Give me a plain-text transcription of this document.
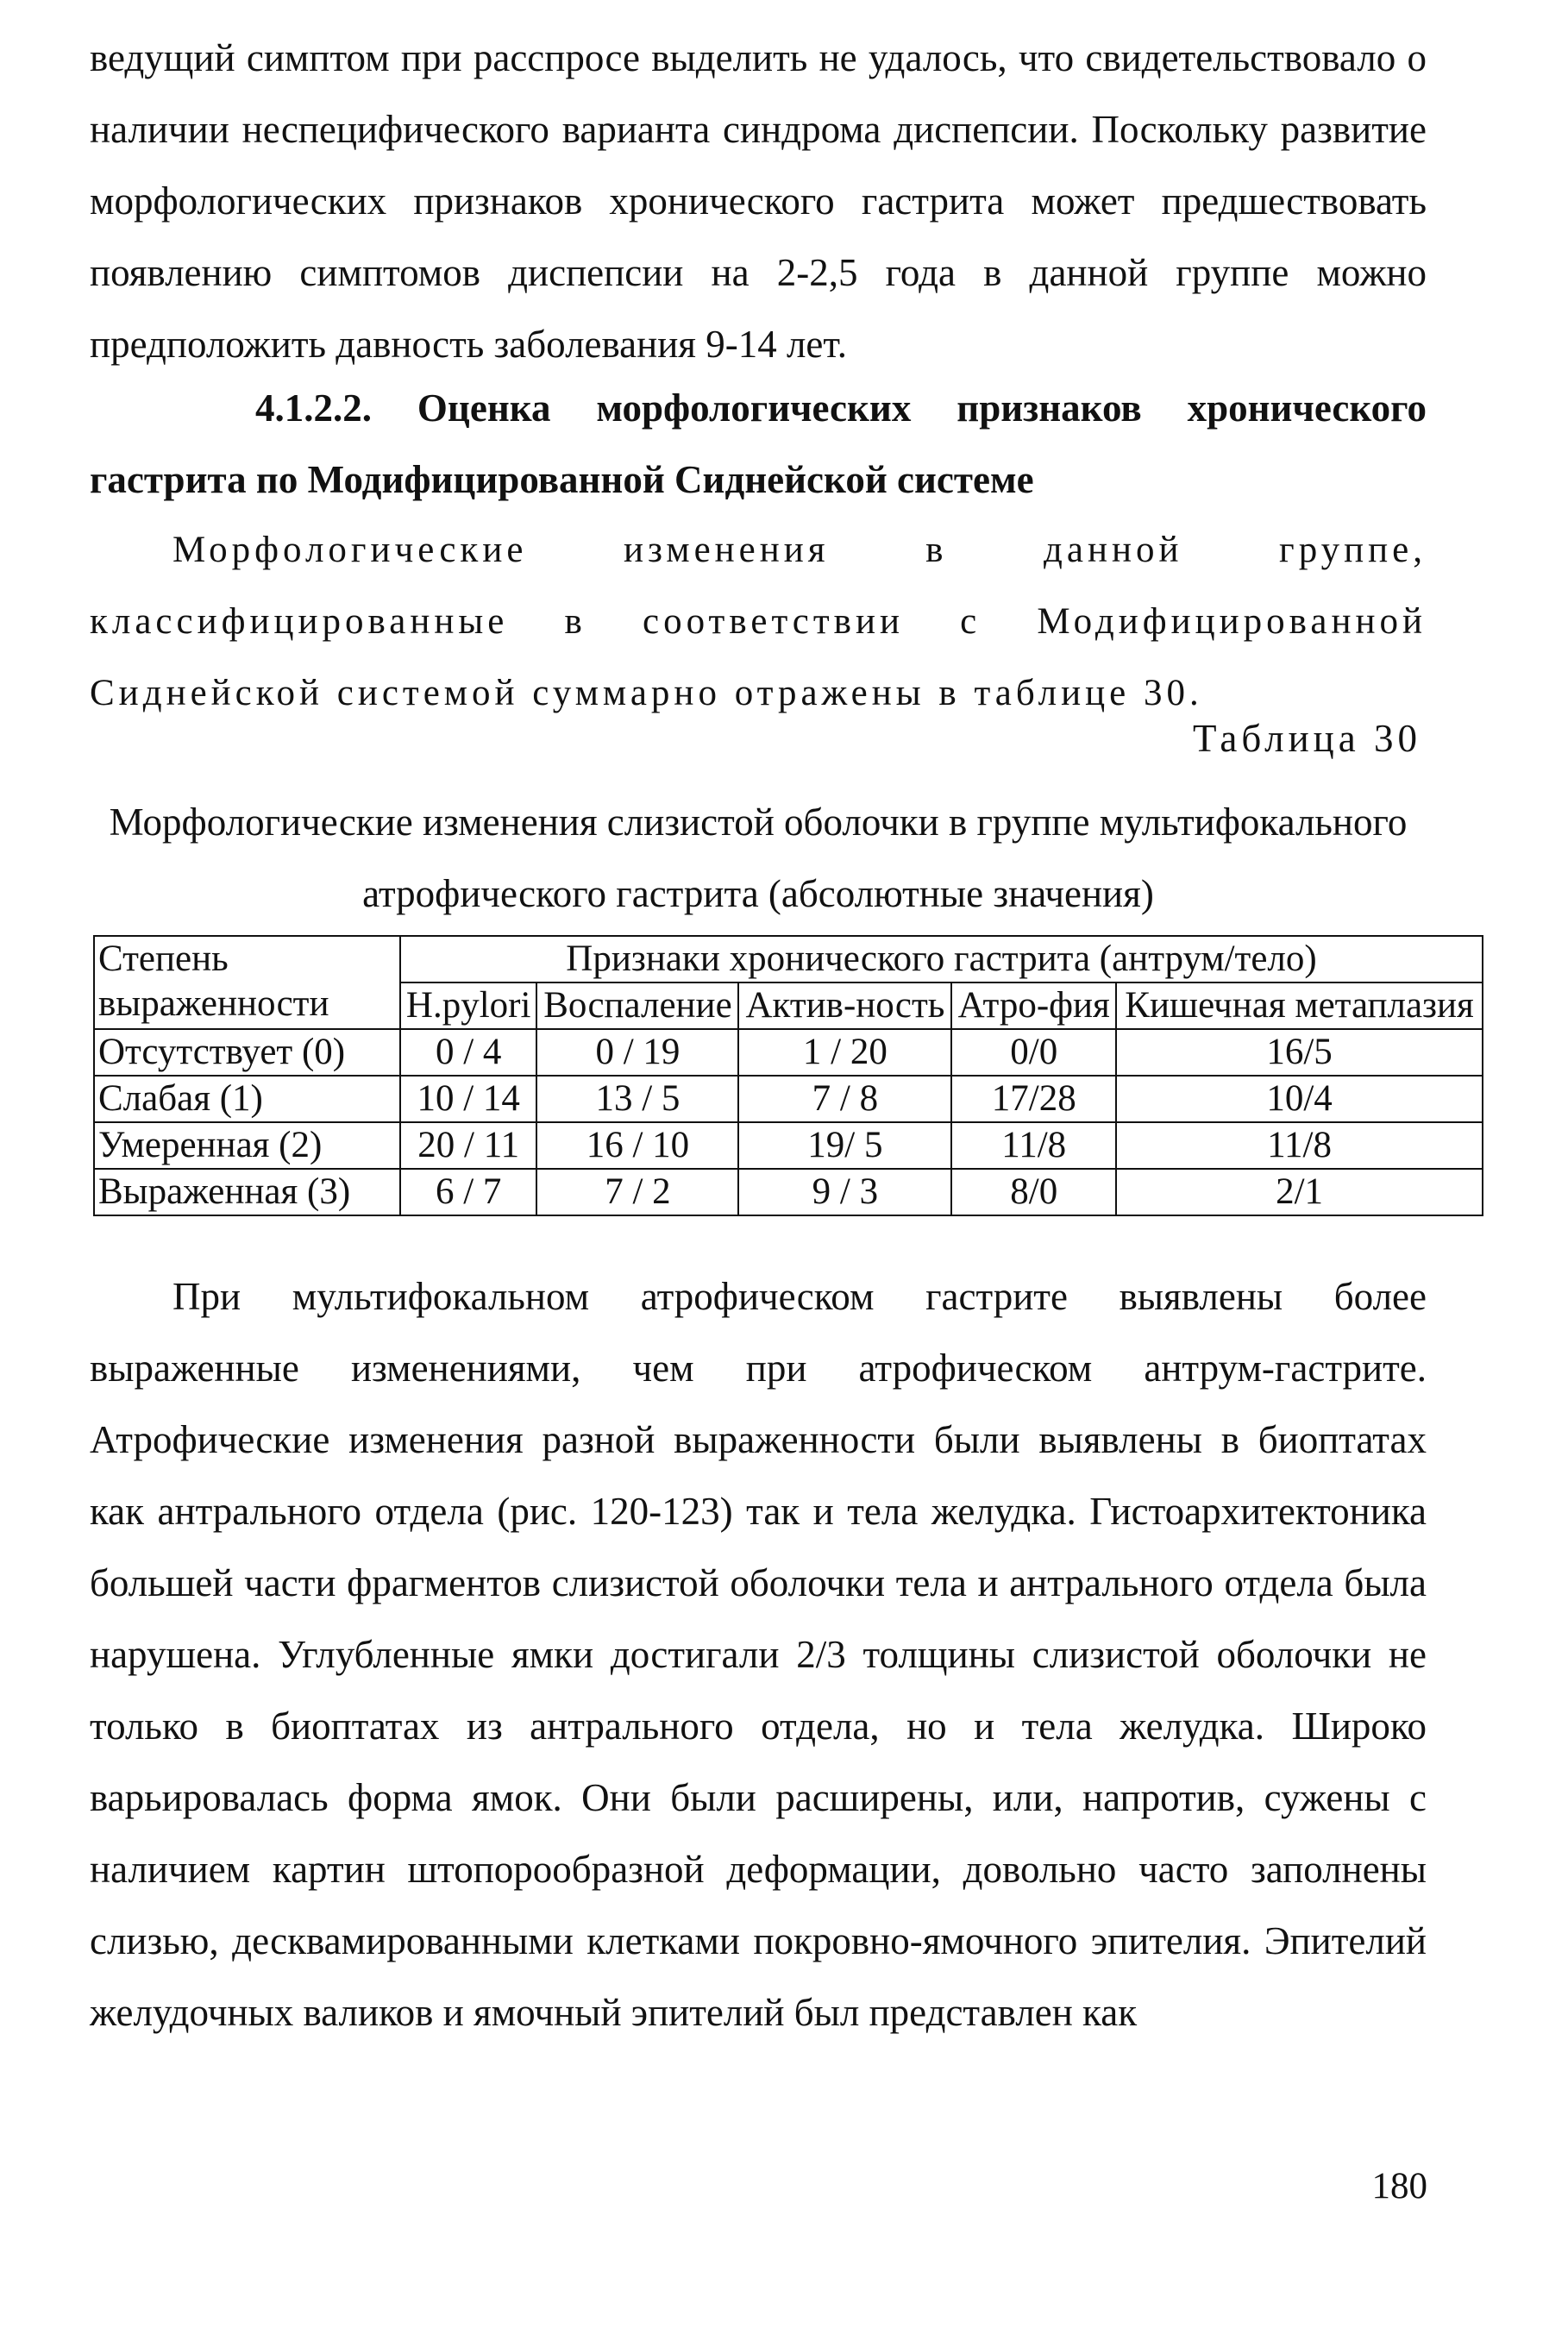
ведущий симптом при расспросе выделить не удалось, что свидетельствовало о наличии неспецифического варианта синдрома диспепсии. Поскольку развитие морфологических признаков хронического гастрита может предшествовать появлению симптомов диспепсии на 2-2,5 года в данной группе можно предположить давность заболевания 9-14 лет.

4.1.2.2. Оценка морфологических признаков хронического гастрита по Модифицированной Сиднейской системе

Морфологические изменения в данной группе, классифицированные в соответствии с Модифицированной Сиднейской системой суммарно отражены в таблице 30.

Таблица 30
Морфологические изменения слизистой оболочки в группе мультифокального атрофического гастрита (абсолютные значения)
Степень выраженности	Признаки хронического гастрита (антрум/тело)				
	H.pylori	Воспаление	Актив-ность	Атро-фия	Кишечная метаплазия
Отсутствует (0)	0 / 4	0 / 19	1 / 20	0/0	16/5
Слабая (1)	10 / 14	13 / 5	7 / 8	17/28	10/4
Умеренная (2)	20 / 11	16 / 10	19/ 5	11/8	11/8
Выраженная (3)	6 / 7	7 / 2	9 / 3	8/0	2/1

При мультифокальном атрофическом гастрите выявлены более выраженные изменениями, чем при атрофическом антрум-гастрите. Атрофические изменения разной выраженности были выявлены в биоптатах как антрального отдела (рис. 120-123) так и тела желудка. Гистоархитектоника большей части фрагментов слизистой оболочки тела и антрального отдела была нарушена. Углубленные ямки достигали 2/3 толщины слизистой оболочки не только в биоптатах из антрального отдела, но и тела желудка. Широко варьировалась форма ямок. Они были расширены, или, напротив, сужены с наличием картин штопорообразной деформации, довольно часто заполнены слизью, десквамированными клетками покровно-ямочного эпителия. Эпителий желудочных валиков и ямочный эпителий был представлен как

180
